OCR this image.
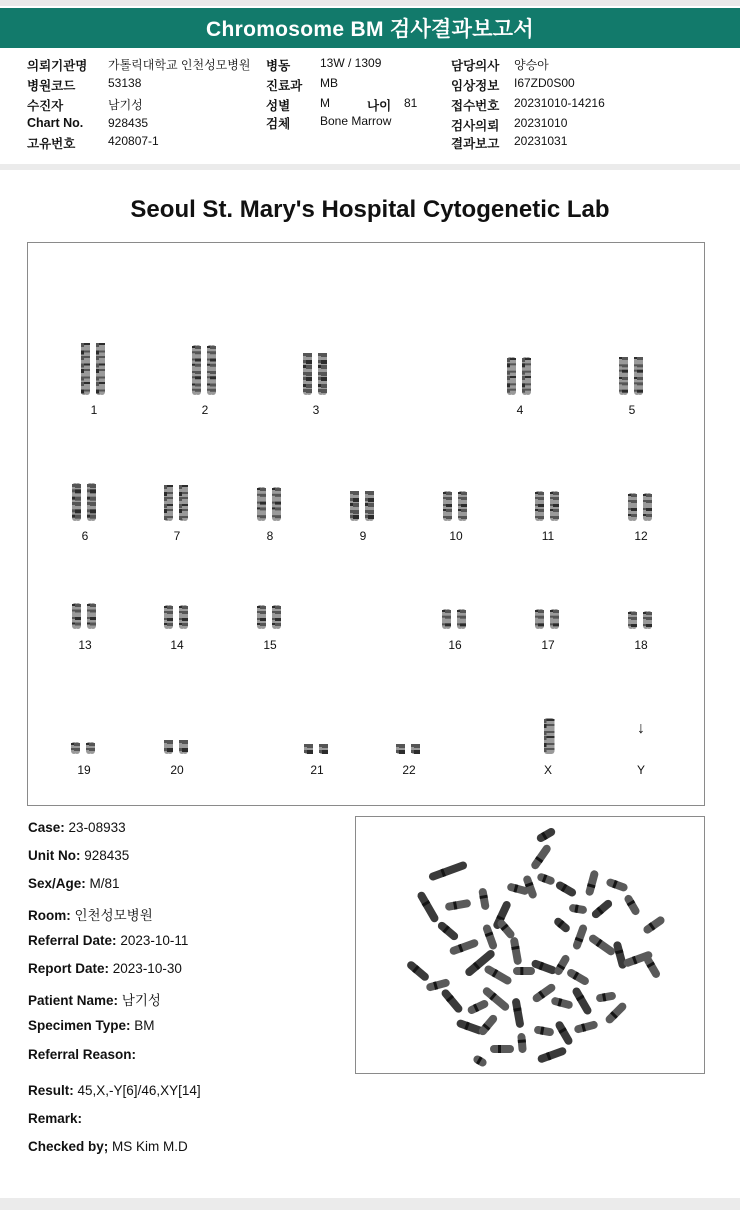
Chromosome BM 검사결과보고서
의뢰기관명 가톨릭대학교 인천성모병원
병원코드	53138
수진자	남기성
Chart No. 928435
고유번호	420807-1
병동 13W / 1309
진료과 MB
성별 M	나이 81
검체 Bone Marrow
담당의사 양승아
임상정보 I67ZD0S00
접수번호 20231010-14216
검사의뢰 20231010
결과보고 20231031
Seoul St. Mary's Hospital Cytogenetic Lab
1	2	3	4	5
6	7	8	9	10	11	12
13	14	15	16	17	18
19	20	21	22	X	Y
↓
Case: 23-08933
Unit No: 928435
Sex/Age: M/81
Room: 인천성모병원
Referral Date: 2023-10-11
Report Date: 2023-10-30
Patient Name: 남기성
Specimen Type: BM
Referral Reason:
Result: 45,X,-Y[6]/46,XY[14]
Remark:
Checked by; MS Kim M.D
